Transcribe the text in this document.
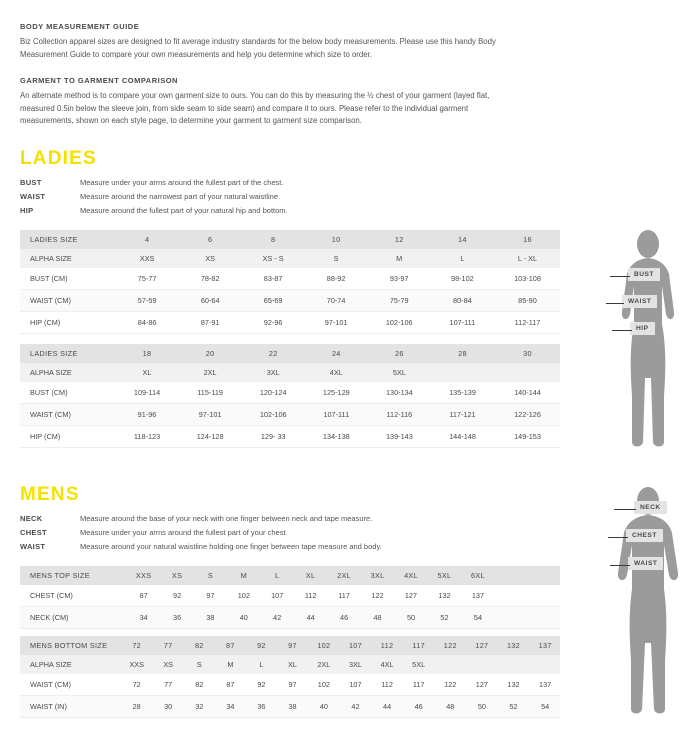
BODY MEASUREMENT GUIDE

Biz Collection apparel sizes are designed to fit average industry standards for the below body measurements. Please use this handy Body Measurement Guide to compare your own measurements and help you determine which size to order.

GARMENT TO GARMENT COMPARISON

An alternate method is to compare your own garment size to ours. You can do this by measuring the ½ chest of your garment (layed flat, measured 0.5in below the sleeve join, from side seam to side seam) and compare it to ours. Please refer to the individual garment measurements, shown on each style page, to determine your garment to garment size comparison.

LADIES
BUST	Measure under your arms around the fullest part of the chest.
WAIST	Measure around the narrowest part of your natural waistline.
HIP	Measure around the fullest part of your natural hip and bottom.
LADIES SIZE	4	6	8	10	12	14	16
ALPHA SIZE	XXS	XS	XS - S	S	M	L	L - XL
BUST (CM)	75-77	78-82	83-87	88-92	93-97	98-102	103-108
WAIST (CM)	57-59	60-64	65-69	70-74	75-79	80-84	85-90
HIP (CM)	84-86	87-91	92-96	97-101	102-106	107-111	112-117
LADIES SIZE	18	20	22	24	26	28	30
ALPHA SIZE	XL	2XL	3XL	4XL	5XL		
BUST (CM)	109-114	115-119	120-124	125-129	130-134	135-139	140-144
WAIST (CM)	91-96	97-101	102-106	107-111	112-116	117-121	122-126
HIP (CM)	118-123	124-128	129- 33	134-138	139-143	144-148	149-153
BUST
WAIST
HIP
MENS
NECK	Measure around the base of your neck with one finger between neck and tape measure.
CHEST	Measure under your arms around the fullest part of your chest
WAIST	Measure around your natural waistline holding one finger between tape measure and body.
MENS TOP SIZE	XXS	XS	S	M	L	XL	2XL	3XL	4XL	5XL	6XL		
CHEST (CM)	87	92	97	102	107	112	117	122	127	132	137		
NECK (CM)	34	36	38	40	42	44	46	48	50	52	54		
MENS BOTTOM SIZE	72	77	82	87	92	97	102	107	112	117	122	127	132	137
ALPHA SIZE	XXS	XS	S	M	L	XL	2XL	3XL	4XL	5XL				
WAIST (CM)	72	77	82	87	92	97	102	107	112	117	122	127	132	137
WAIST (IN)	28	30	32	34	36	38	40	42	44	46	48	50	52	54
NECK
CHEST
WAIST
